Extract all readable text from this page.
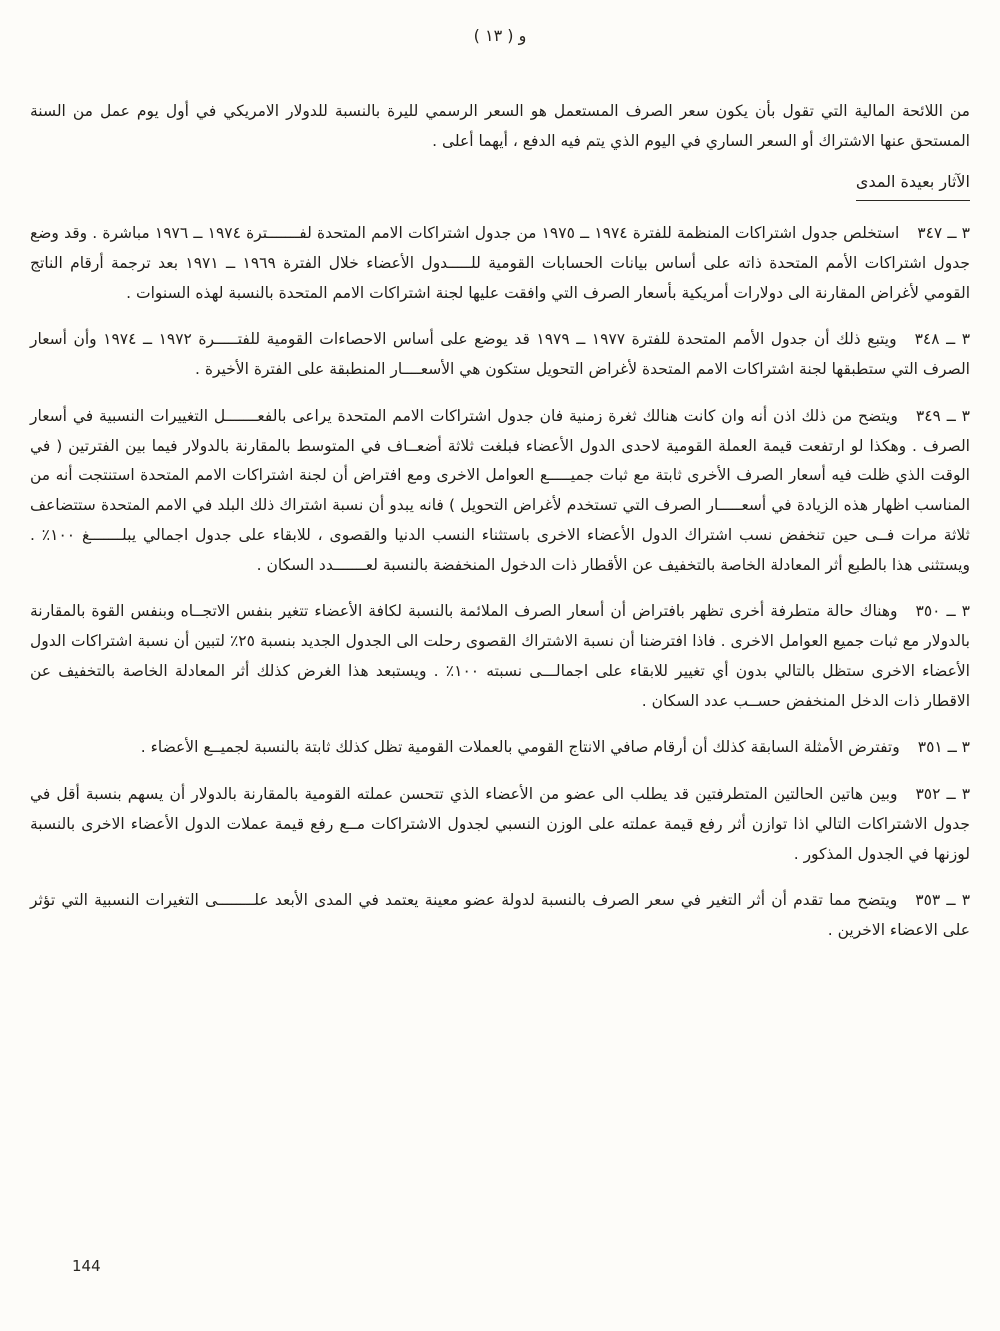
و ( ١٣ )

من اللائحة المالية التي تقول بأن يكون سعر الصرف المستعمل هو السعر الرسمي لليرة بالنسبة للدولار الامريكي في أول يوم عمل من السنة المستحق عنها الاشتراك أو السعر الساري في اليوم الذي يتم فيه الدفع ، أيهما أعلى .

الآثار بعيدة المدى

٣ ــ ٣٤٧استخلص جدول اشتراكات المنظمة للفترة ١٩٧٤ ــ ١٩٧٥ من جدول اشتراكات الامم المتحدة لفـــــــترة ١٩٧٤ ــ ١٩٧٦ مباشرة . وقد وضع جدول اشتراكات الأمم المتحدة ذاته على أساس بيانات الحسابات القومية للـــــدول الأعضاء خلال الفترة ١٩٦٩ ــ ١٩٧١ بعد ترجمة أرقام الناتج القومي لأغراض المقارنة الى دولارات أمريكية بأسعار الصرف التي وافقت عليها لجنة اشتراكات الامم المتحدة بالنسبة لهذه السنوات .

٣ ــ ٣٤٨ويتبع ذلك أن جدول الأمم المتحدة للفترة ١٩٧٧ ــ ١٩٧٩ قد يوضع على أساس الاحصاءات القومية للفتـــــرة ١٩٧٢ ــ ١٩٧٤ وأن أسعار الصرف التي ستطبقها لجنة اشتراكات الامم المتحدة لأغراض التحويل ستكون هي الأسعــــار المنطبقة على الفترة الأخيرة .

٣ ــ ٣٤٩ويتضح من ذلك اذن أنه وان كانت هنالك ثغرة زمنية فان جدول اشتراكات الامم المتحدة يراعى بالفعـــــــل التغييرات النسبية في أسعار الصرف . وهكذا لو ارتفعت قيمة العملة القومية لاحدى الدول الأعضاء فبلغت ثلاثة أضعــاف في المتوسط بالمقارنة بالدولار فيما بين الفترتين ( في الوقت الذي ظلت فيه أسعار الصرف الأخرى ثابتة مع ثبات جميـــــع العوامل الاخرى ومع افتراض أن لجنة اشتراكات الامم المتحدة استنتجت أنه من المناسب اظهار هذه الزيادة في أسعـــــار الصرف التي تستخدم لأغراض التحويل ) فانه يبدو أن نسبة اشتراك ذلك البلد في الامم المتحدة ستتضاعف ثلاثة مرات فــى حين تنخفض نسب اشتراك الدول الأعضاء الاخرى باستثناء النسب الدنيا والقصوى ، للابقاء على جدول اجمالي يبلـــــــغ ١٠٠٪ . ويستثنى هذا بالطبع أثر المعادلة الخاصة بالتخفيف عن الأقطار ذات الدخول المنخفضة بالنسبة لعـــــــدد السكان .

٣ ــ ٣٥٠وهناك حالة متطرفة أخرى تظهر بافتراض أن أسعار الصرف الملائمة بالنسبة لكافة الأعضاء تتغير بنفس الاتجــاه وبنفس القوة بالمقارنة بالدولار مع ثبات جميع العوامل الاخرى . فاذا افترضنا أن نسبة الاشتراك القصوى رحلت الى الجدول الجديد بنسبة ٢٥٪ لتبين أن نسبة اشتراكات الدول الأعضاء الاخرى ستظل بالتالي بدون أي تغيير للابقاء على اجمالـــى نسبته ١٠٠٪ . ويستبعد هذا الغرض كذلك أثر المعادلة الخاصة بالتخفيف عن الاقطار ذات الدخل المنخفض حســب عدد السكان .

٣ ــ ٣٥١وتفترض الأمثلة السابقة كذلك أن أرقام صافي الانتاج القومي بالعملات القومية تظل كذلك ثابتة بالنسبة لجميــع الأعضاء .

٣ ــ ٣٥٢وبين هاتين الحالتين المتطرفتين قد يطلب الى عضو من الأعضاء الذي تتحسن عملته القومية بالمقارنة بالدولار أن يسهم بنسبة أقل في جدول الاشتراكات التالي اذا توازن أثر رفع قيمة عملته على الوزن النسبي لجدول الاشتراكات مــع رفع قيمة عملات الدول الأعضاء الاخرى بالنسبة لوزنها في الجدول المذكور .

٣ ــ ٣٥٣ويتضح مما تقدم أن أثر التغير في سعر الصرف بالنسبة لدولة عضو معينة يعتمد في المدى الأبعد علــــــــى التغيرات النسبية التي تؤثر على الاعضاء الاخرين .

144
